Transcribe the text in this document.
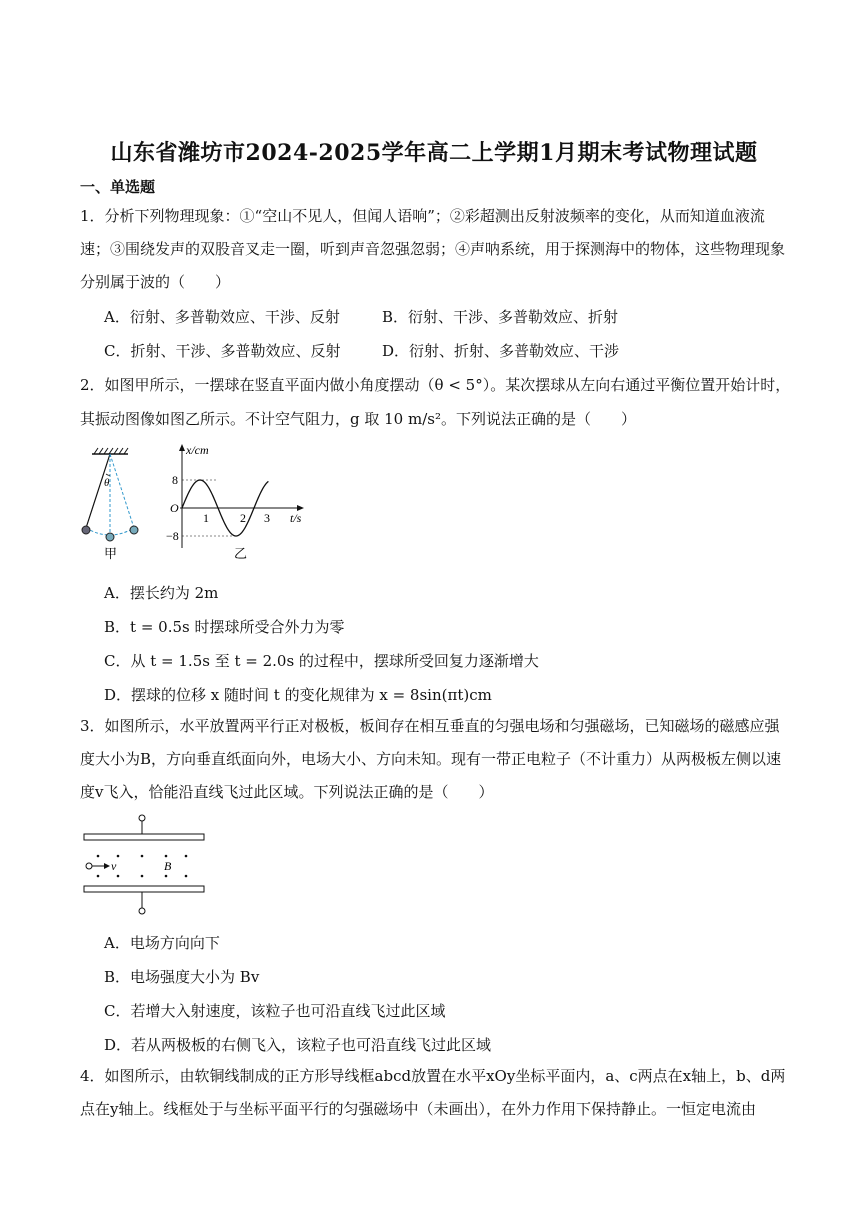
山东省潍坊市2024-2025学年高二上学期1月期末考试物理试题
一、单选题
1．分析下列物理现象：①“空山不见人，但闻人语响”；②彩超测出反射波频率的变化，从而知道血液流速；③围绕发声的双股音叉走一圈，听到声音忽强忽弱；④声呐系统，用于探测海中的物体，这些物理现象分别属于波的（　　）
A．衍射、多普勒效应、干涉、反射	B．衍射、干涉、多普勒效应、折射
C．折射、干涉、多普勒效应、反射	D．衍射、折射、多普勒效应、干涉
2．如图甲所示，一摆球在竖直平面内做小角度摆动（θ < 5°）。某次摆球从左向右通过平衡位置开始计时，
其振动图像如图乙所示。不计空气阻力，g 取 10 m/s²。下列说法正确的是（　　）
θ
甲
x/cm
t/s
O
8
−8
1	2 3
乙
A．摆长约为 2m
B．t = 0.5s 时摆球所受合外力为零
C．从 t = 1.5s 至 t = 2.0s 的过程中，摆球所受回复力逐渐增大
D．摆球的位移 x 随时间 t 的变化规律为 x = 8sin(πt)cm
3．如图所示，水平放置两平行正对极板，板间存在相互垂直的匀强电场和匀强磁场，已知磁场的磁感应强度大小为B，方向垂直纸面向外，电场大小、方向未知。现有一带正电粒子（不计重力）从两极板左侧以速度v飞入，恰能沿直线飞过此区域。下列说法正确的是（　　）
v	B
A．电场方向向下
B．电场强度大小为 Bv
C．若增大入射速度，该粒子也可沿直线飞过此区域
D．若从两极板的右侧飞入，该粒子也可沿直线飞过此区域
4．如图所示，由软铜线制成的正方形导线框abcd放置在水平xOy坐标平面内，a、c两点在x轴上，b、d两点在y轴上。线框处于与坐标平面平行的匀强磁场中（未画出），在外力作用下保持静止。一恒定电流由
